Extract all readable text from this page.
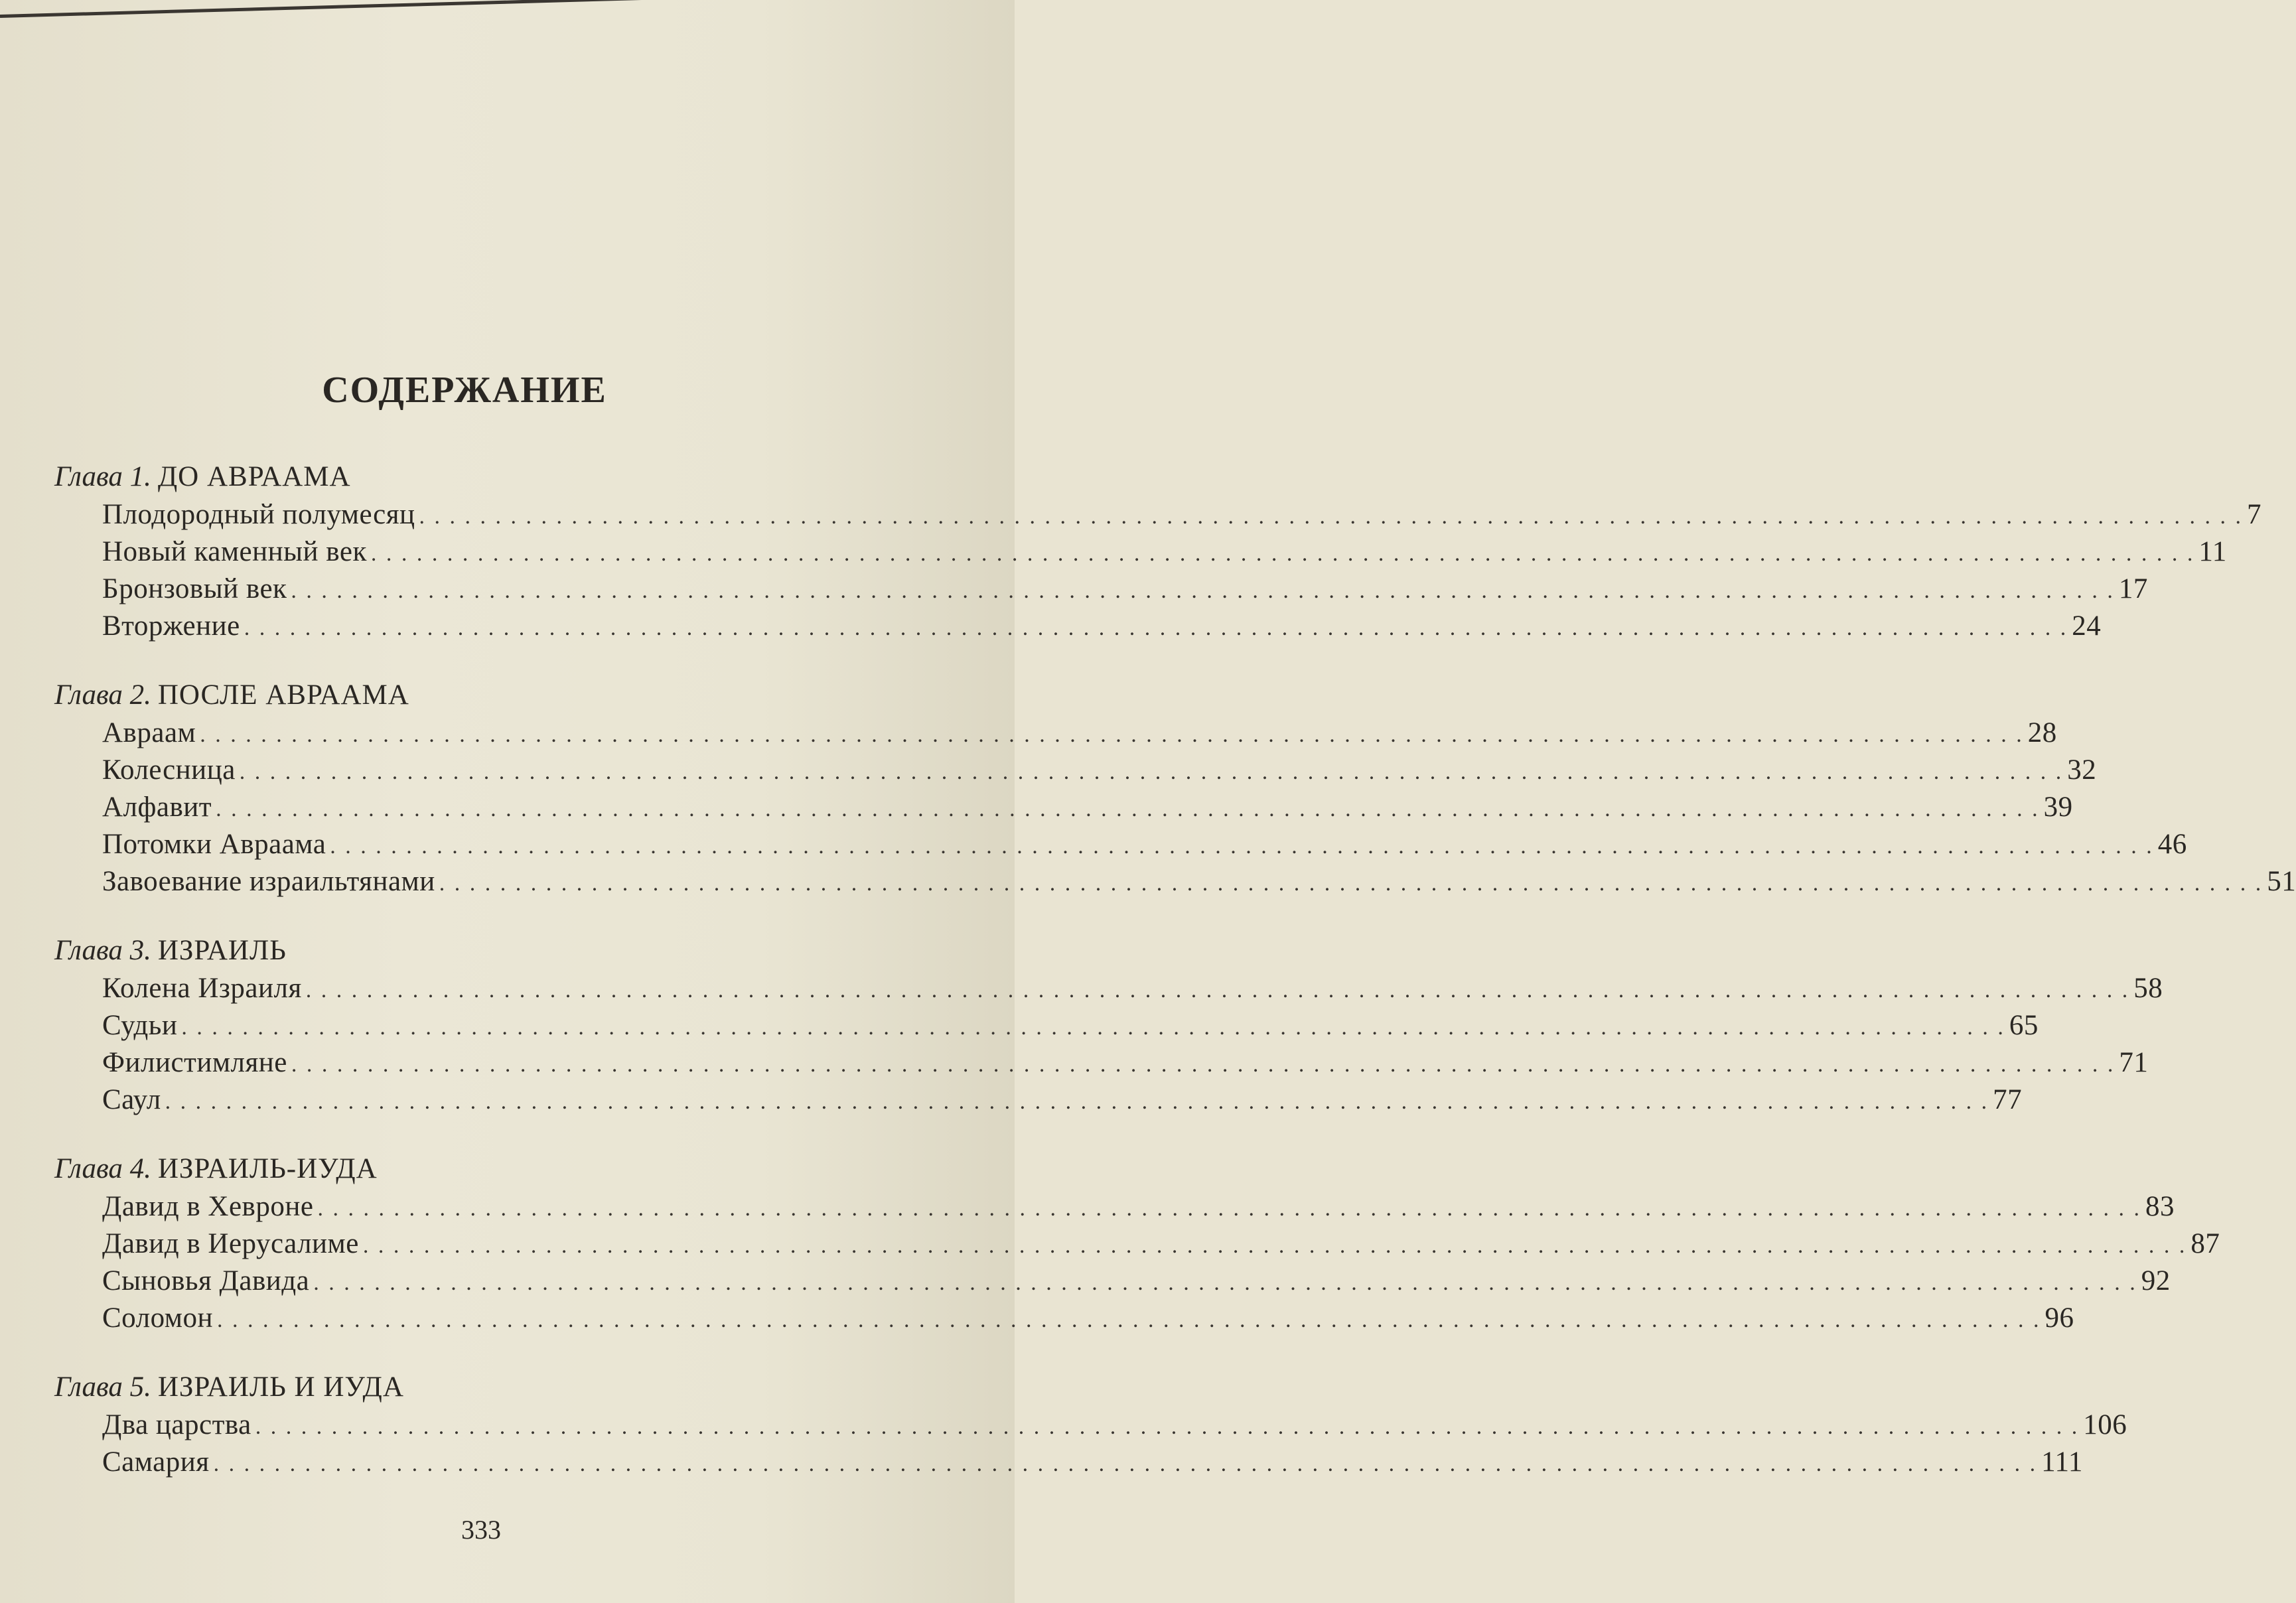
СОДЕРЖАНИЕ
Глава 1. ДО АВРААМА
Плодородный полумесяц . . . . . . . . . . . . . . . . . . . . . . . . . . . . . . . . . . . . . . . . . . . . . . . . . . . . . . . . . . . . . . . . . . . . . . . . . . . . . . . . . . . . . . . . . . . . . . . . . . . . . . . . . . . . . . . . . . . . . . . . 7
Новый каменный век . . . . . . . . . . . . . . . . . . . . . . . . . . . . . . . . . . . . . . . . . . . . . . . . . . . . . . . . . . . . . . . . . . . . . . . . . . . . . . . . . . . . . . . . . . . . . . . . . . . . . . . . . . . . . . . . . . . . . . . . 11
Бронзовый век . . . . . . . . . . . . . . . . . . . . . . . . . . . . . . . . . . . . . . . . . . . . . . . . . . . . . . . . . . . . . . . . . . . . . . . . . . . . . . . . . . . . . . . . . . . . . . . . . . . . . . . . . . . . . . . . . . . . . . . . 17
Вторжение . . . . . . . . . . . . . . . . . . . . . . . . . . . . . . . . . . . . . . . . . . . . . . . . . . . . . . . . . . . . . . . . . . . . . . . . . . . . . . . . . . . . . . . . . . . . . . . . . . . . . . . . . . . . . . . . . . . . . . . . 24
Глава 2. ПОСЛЕ АВРААМА
Авраам . . . . . . . . . . . . . . . . . . . . . . . . . . . . . . . . . . . . . . . . . . . . . . . . . . . . . . . . . . . . . . . . . . . . . . . . . . . . . . . . . . . . . . . . . . . . . . . . . . . . . . . . . . . . . . . . . . . . . . . . 28
Колесница . . . . . . . . . . . . . . . . . . . . . . . . . . . . . . . . . . . . . . . . . . . . . . . . . . . . . . . . . . . . . . . . . . . . . . . . . . . . . . . . . . . . . . . . . . . . . . . . . . . . . . . . . . . . . . . . . . . . . . . . 32
Алфавит . . . . . . . . . . . . . . . . . . . . . . . . . . . . . . . . . . . . . . . . . . . . . . . . . . . . . . . . . . . . . . . . . . . . . . . . . . . . . . . . . . . . . . . . . . . . . . . . . . . . . . . . . . . . . . . . . . . . . . . . 39
Потомки Авраама . . . . . . . . . . . . . . . . . . . . . . . . . . . . . . . . . . . . . . . . . . . . . . . . . . . . . . . . . . . . . . . . . . . . . . . . . . . . . . . . . . . . . . . . . . . . . . . . . . . . . . . . . . . . . . . . . . . . . . . . 46
Завоевание израильтянами . . . . . . . . . . . . . . . . . . . . . . . . . . . . . . . . . . . . . . . . . . . . . . . . . . . . . . . . . . . . . . . . . . . . . . . . . . . . . . . . . . . . . . . . . . . . . . . . . . . . . . . . . . . . . . . . . . . . . . . . 51
Глава 3. ИЗРАИЛЬ
Колена Израиля . . . . . . . . . . . . . . . . . . . . . . . . . . . . . . . . . . . . . . . . . . . . . . . . . . . . . . . . . . . . . . . . . . . . . . . . . . . . . . . . . . . . . . . . . . . . . . . . . . . . . . . . . . . . . . . . . . . . . . . . 58
Судьи . . . . . . . . . . . . . . . . . . . . . . . . . . . . . . . . . . . . . . . . . . . . . . . . . . . . . . . . . . . . . . . . . . . . . . . . . . . . . . . . . . . . . . . . . . . . . . . . . . . . . . . . . . . . . . . . . . . . . . . . 65
Филистимляне . . . . . . . . . . . . . . . . . . . . . . . . . . . . . . . . . . . . . . . . . . . . . . . . . . . . . . . . . . . . . . . . . . . . . . . . . . . . . . . . . . . . . . . . . . . . . . . . . . . . . . . . . . . . . . . . . . . . . . . . 71
Саул . . . . . . . . . . . . . . . . . . . . . . . . . . . . . . . . . . . . . . . . . . . . . . . . . . . . . . . . . . . . . . . . . . . . . . . . . . . . . . . . . . . . . . . . . . . . . . . . . . . . . . . . . . . . . . . . . . . . . . . . 77
Глава 4. ИЗРАИЛЬ-ИУДА
Давид в Хевроне . . . . . . . . . . . . . . . . . . . . . . . . . . . . . . . . . . . . . . . . . . . . . . . . . . . . . . . . . . . . . . . . . . . . . . . . . . . . . . . . . . . . . . . . . . . . . . . . . . . . . . . . . . . . . . . . . . . . . . . . 83
Давид в Иерусалиме . . . . . . . . . . . . . . . . . . . . . . . . . . . . . . . . . . . . . . . . . . . . . . . . . . . . . . . . . . . . . . . . . . . . . . . . . . . . . . . . . . . . . . . . . . . . . . . . . . . . . . . . . . . . . . . . . . . . . . . . 87
Сыновья Давида . . . . . . . . . . . . . . . . . . . . . . . . . . . . . . . . . . . . . . . . . . . . . . . . . . . . . . . . . . . . . . . . . . . . . . . . . . . . . . . . . . . . . . . . . . . . . . . . . . . . . . . . . . . . . . . . . . . . . . . . 92
Соломон . . . . . . . . . . . . . . . . . . . . . . . . . . . . . . . . . . . . . . . . . . . . . . . . . . . . . . . . . . . . . . . . . . . . . . . . . . . . . . . . . . . . . . . . . . . . . . . . . . . . . . . . . . . . . . . . . . . . . . . . 96
Глава 5. ИЗРАИЛЬ И ИУДА
Два царства . . . . . . . . . . . . . . . . . . . . . . . . . . . . . . . . . . . . . . . . . . . . . . . . . . . . . . . . . . . . . . . . . . . . . . . . . . . . . . . . . . . . . . . . . . . . . . . . . . . . . . . . . . . . . . . . . . . . . . . . 106
Самария . . . . . . . . . . . . . . . . . . . . . . . . . . . . . . . . . . . . . . . . . . . . . . . . . . . . . . . . . . . . . . . . . . . . . . . . . . . . . . . . . . . . . . . . . . . . . . . . . . . . . . . . . . . . . . . . . . . . . . . . 111
333
